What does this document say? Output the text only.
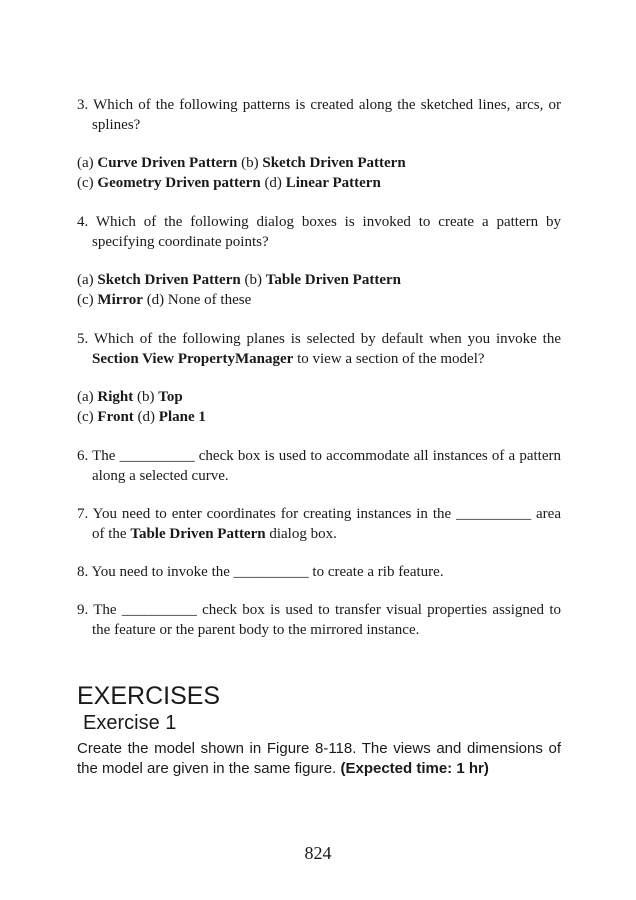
3. Which of the following patterns is created along the sketched lines, arcs, or splines?

(a) Curve Driven Pattern (b) Sketch Driven Pattern

(c) Geometry Driven pattern (d) Linear Pattern

4. Which of the following dialog boxes is invoked to create a pattern by specifying coordinate points?

(a) Sketch Driven Pattern (b) Table Driven Pattern

(c) Mirror (d) None of these

5. Which of the following planes is selected by default when you invoke the Section View PropertyManager to view a section of the model?

(a) Right (b) Top

(c) Front (d) Plane 1

6. The __________ check box is used to accommodate all instances of a pattern along a selected curve.

7. You need to enter coordinates for creating instances in the __________ area of the Table Driven Pattern dialog box.

8. You need to invoke the __________ to create a rib feature.

9. The __________ check box is used to transfer visual properties assigned to the feature or the parent body to the mirrored instance.

EXERCISES
Exercise 1

Create the model shown in Figure 8-118. The views and dimensions of the model are given in the same figure. (Expected time: 1 hr)

824
